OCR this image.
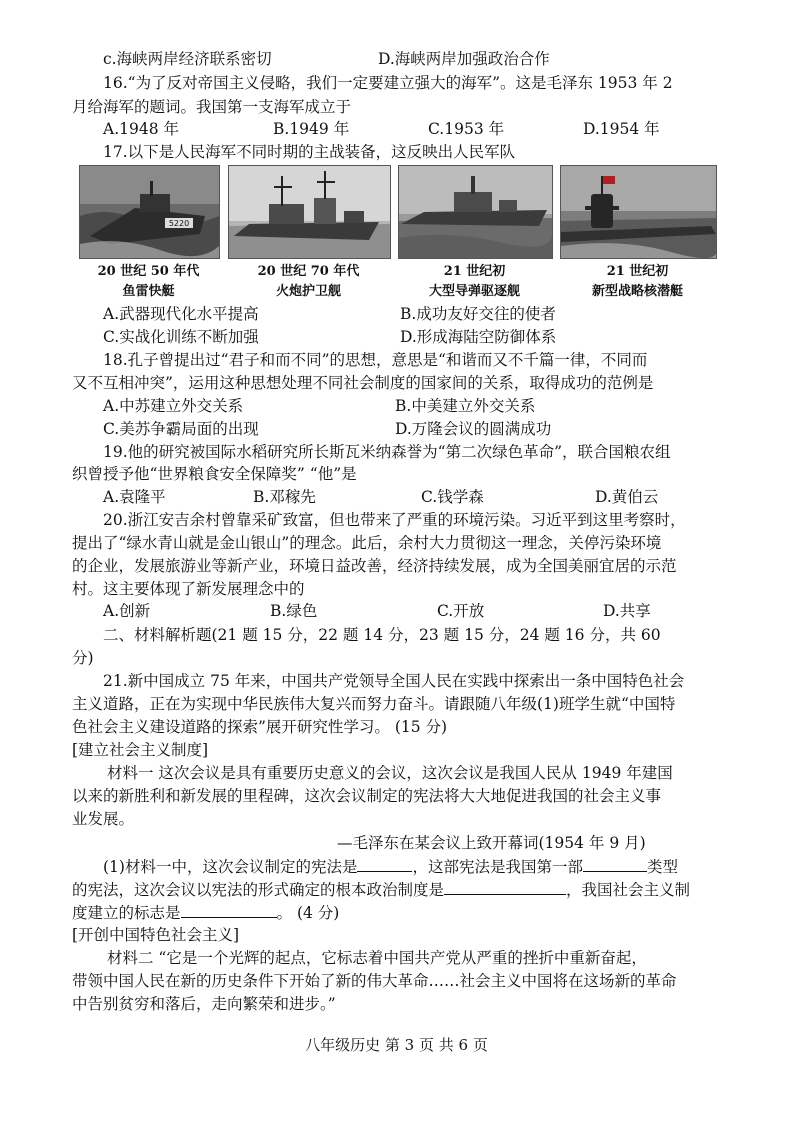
c.海峡两岸经济联系密切	D.海峡两岸加强政治合作
16.“为了反对帝国主义侵略，我们一定要建立强大的海军”。这是毛泽东 1953 年 2
月给海军的题词。我国第一支海军成立于
A.1948 年	B.1949 年	C.1953 年	D.1954 年
17.以下是人民海军不同时期的主战装备，这反映出人民军队
5220
20 世纪 50 年代
鱼雷快艇
20 世纪 70 年代
火炮护卫舰
21 世纪初
大型导弹驱逐舰
21 世纪初
新型战略核潜艇
A.武器现代化水平提高	B.成功友好交往的使者
C.实战化训练不断加强	D.形成海陆空防御体系
18.孔子曾提出过“君子和而不同”的思想，意思是“和谐而又不千篇一律，不同而
又不互相冲突”，运用这种思想处理不同社会制度的国家间的关系，取得成功的范例是
A.中苏建立外交关系	B.中美建立外交关系
C.美苏争霸局面的出现	D.万隆会议的圆满成功
19.他的研究被国际水稻研究所长斯瓦米纳森誉为“第二次绿色革命”，联合国粮农组
织曾授予他“世界粮食安全保障奖” “他”是
A.袁隆平	B.邓稼先	C.钱学森	D.黄伯云
20.浙江安吉余村曾靠采矿致富，但也带来了严重的环境污染。习近平到这里考察时，
提出了“绿水青山就是金山银山”的理念。此后，余村大力贯彻这一理念，关停污染环境
的企业，发展旅游业等新产业，环境日益改善，经济持续发展，成为全国美丽宜居的示范
村。这主要体现了新发展理念中的
A.创新	B.绿色	C.开放	D.共享
二、材料解析题(21 题 15 分，22 题 14 分，23 题 15 分，24 题 16 分，共 60
分)
21.新中国成立 75 年来，中国共产党领导全国人民在实践中探索出一条中国特色社会
主义道路，正在为实现中华民族伟大复兴而努力奋斗。请跟随八年级(1)班学生就“中国特
色社会主义建设道路的探索”展开研究性学习。 (15 分)
[建立社会主义制度]
材料一 这次会议是具有重要历史意义的会议，这次会议是我国人民从 1949 年建国
以来的新胜利和新发展的里程碑，这次会议制定的宪法将大大地促进我国的社会主义事
业发展。
—毛泽东在某会议上致开幕词(1954 年 9 月)
(1)材料一中，这次会议制定的宪法是	，这部宪法是我国第一部	类型
的宪法，这次会议以宪法的形式确定的根本政治制度是	，我国社会主义制
度建立的标志是	。 (4 分)
[开创中国特色社会主义]
材料二 “它是一个光辉的起点，它标志着中国共产党从严重的挫折中重新奋起，
带领中国人民在新的历史条件下开始了新的伟大革命……社会主义中国将在这场新的革命
中告别贫穷和落后，走向繁荣和进步。”
八年级历史 第 3 页 共 6 页
